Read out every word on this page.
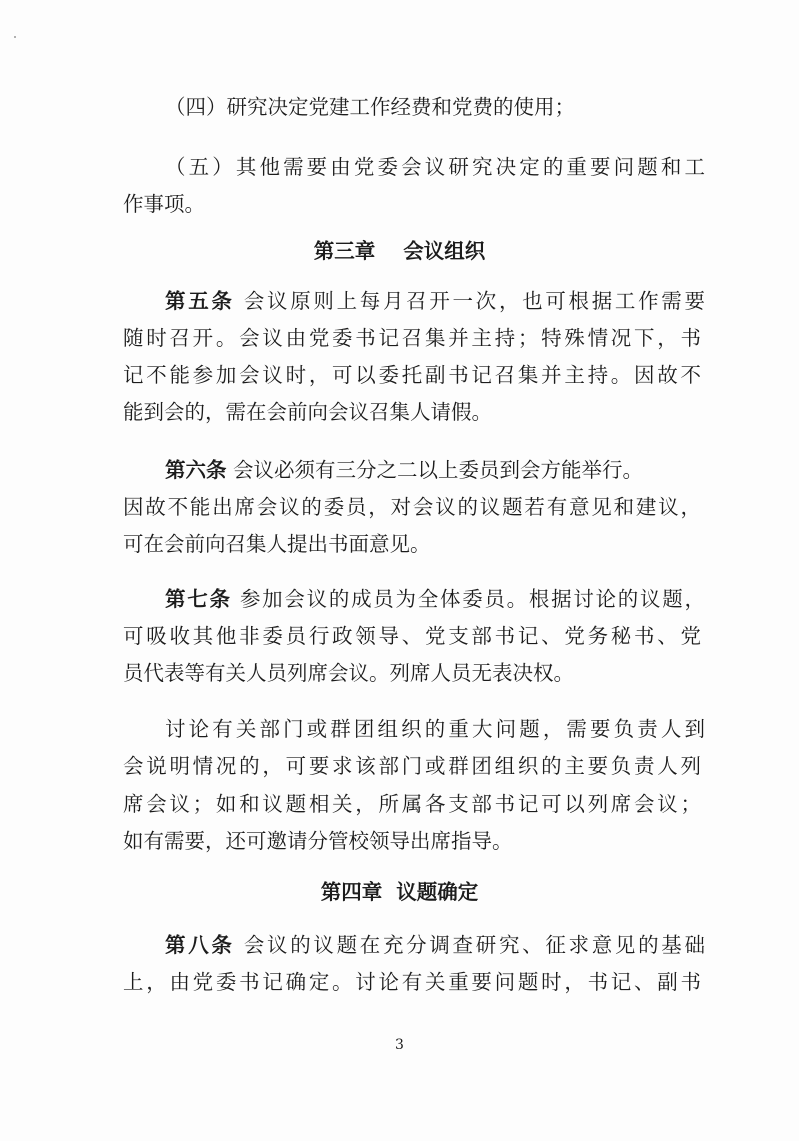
（四）研究决定党建工作经费和党费的使用；
（五）其他需要由党委会议研究决定的重要问题和工
作事项。
第三章 会议组织
第五条 会议原则上每月召开一次，也可根据工作需要
随时召开。会议由党委书记召集并主持；特殊情况下，书
记不能参加会议时，可以委托副书记召集并主持。因故不
能到会的，需在会前向会议召集人请假。
第六条 会议必须有三分之二以上委员到会方能举行。
因故不能出席会议的委员，对会议的议题若有意见和建议，
可在会前向召集人提出书面意见。
第七条 参加会议的成员为全体委员。根据讨论的议题，
可吸收其他非委员行政领导、党支部书记、党务秘书、党
员代表等有关人员列席会议。列席人员无表决权。
讨论有关部门或群团组织的重大问题，需要负责人到
会说明情况的，可要求该部门或群团组织的主要负责人列
席会议；如和议题相关，所属各支部书记可以列席会议；
如有需要，还可邀请分管校领导出席指导。
第四章 议题确定
第八条 会议的议题在充分调查研究、征求意见的基础
上，由党委书记确定。讨论有关重要问题时，书记、副书
3
